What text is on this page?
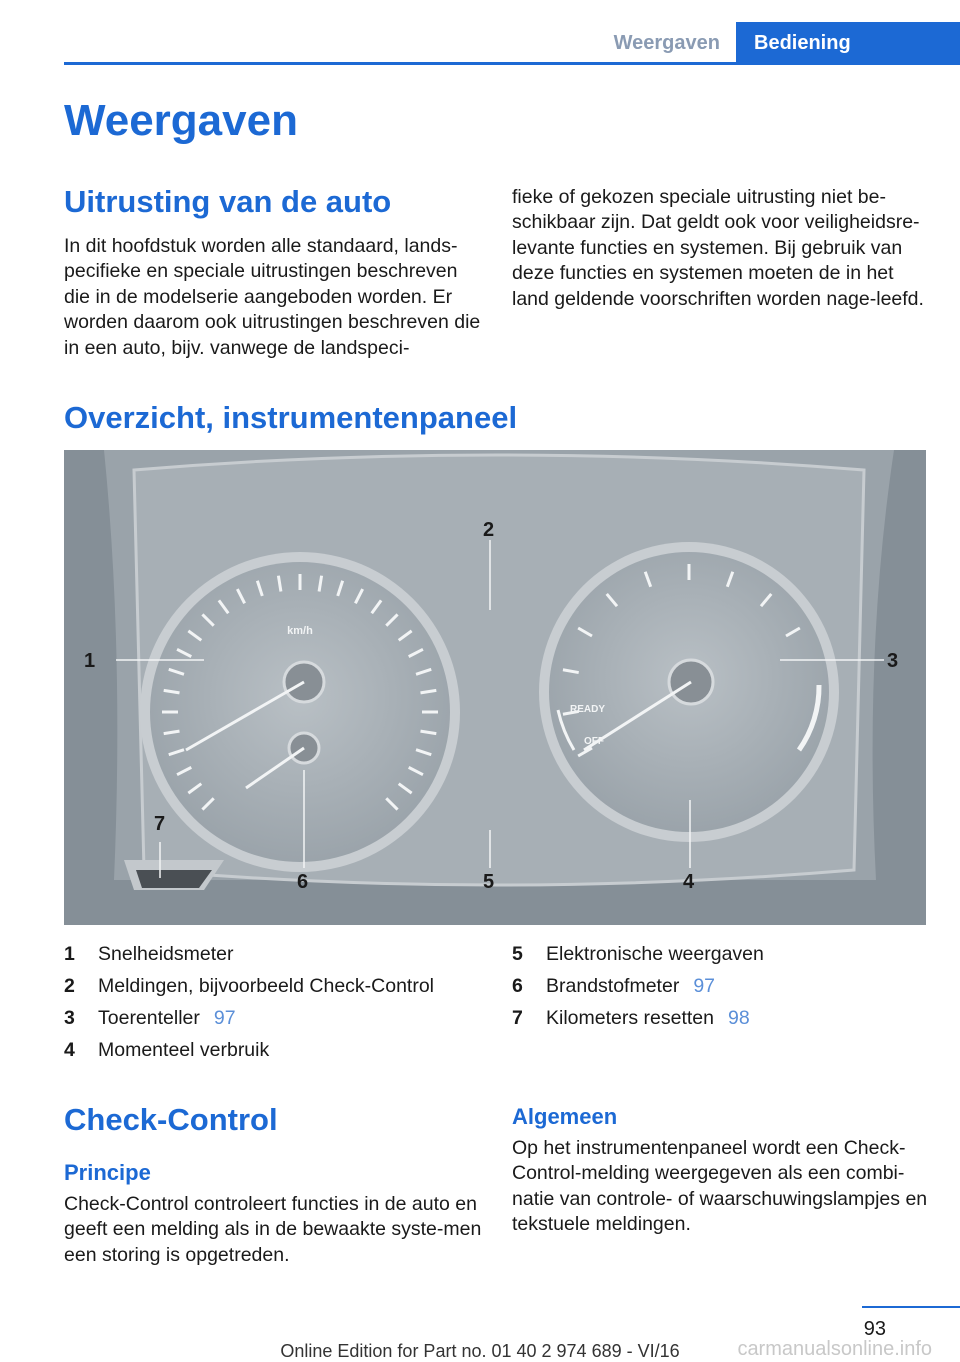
Weergaven	Bediening
Weergaven
Uitrusting van de auto

In dit hoofdstuk worden alle standaard, lands-pecifieke en speciale uitrustingen beschreven die in de modelserie aangeboden worden. Er worden daarom ook uitrustingen beschreven die in een auto, bijv. vanwege de landspeci-

fieke of gekozen speciale uitrusting niet be-schikbaar zijn. Dat geldt ook voor veiligheidsre-levante functies en systemen. Bij gebruik van deze functies en systemen moeten de in het land geldende voorschriften worden nage-leefd.

Overzicht, instrumentenpaneel
km/h
READY
OFF
1
2
3
4
5
6
7
1	Snelheidsmeter
2	Meldingen, bijvoorbeeld Check-Control
3	Toerenteller 97
4	Momenteel verbruik
5	Elektronische weergaven
6	Brandstofmeter 97
7	Kilometers resetten 98
Check-Control
Principe

Check-Control controleert functies in de auto en geeft een melding als in de bewaakte syste-men een storing is opgetreden.

Algemeen

Op het instrumentenpaneel wordt een Check-Control-melding weergegeven als een combi-natie van controle- of waarschuwingslampjes en tekstuele meldingen.

93
Online Edition for Part no. 01 40 2 974 689 - VI/16	carmanualsonline.info
